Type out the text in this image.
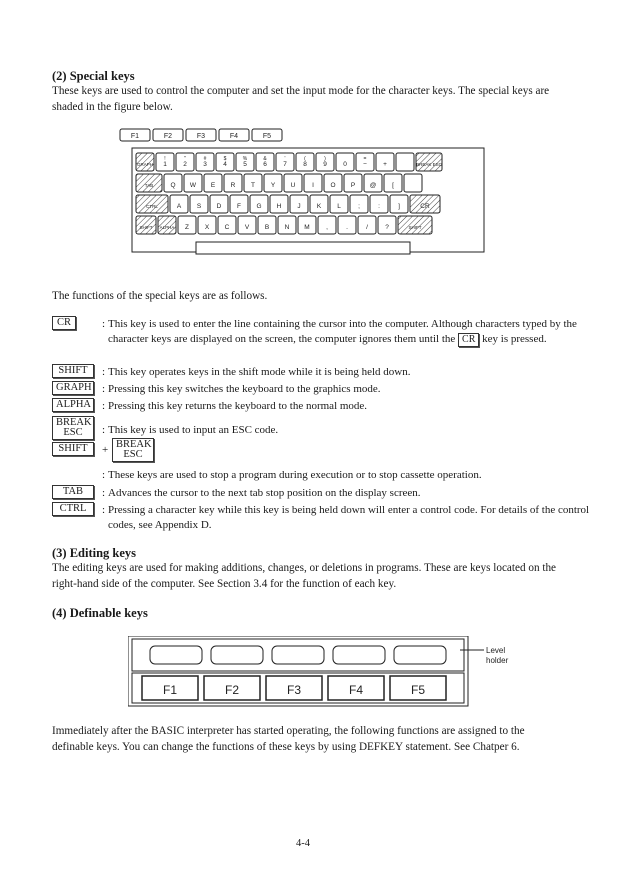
(2) Special keys
These keys are used to control the computer and set the input mode for the character keys. The special keys are shaded in the figure below.
F1	F2	F3	F4	F5
GRAPH 1
!
2
"
3
#
4
$
5
%
6
&
7
'
8
(
9
)
0	−
=
+	BREAK ESC
TAB	Q W E R T Y U	I	O P @ [
CTRL	A S D F G H J K L	;	:	]	CR
SHIFT ALPHA Z X C V B N M	,	.	/	?	SHIFT
The functions of the special keys are as follows.
CR	: This key is used to enter the line containing the cursor into the computer. Although characters typed by the character keys are displayed on the screen, the computer ignores them until the CR key is pressed.
SHIFT	: This key operates keys in the shift mode while it is being held down.
GRAPH : Pressing this key switches the keyboard to the graphics mode.
ALPHA : Pressing this key returns the keyboard to the normal mode.
BREAK
ESC	: This key is used to input an ESC code.
SHIFT	+ BREAK
ESC
: These keys are used to stop a program during execution or to stop cassette operation.
TAB	: Advances the cursor to the next tab stop position on the display screen.
CTRL	: Pressing a character key while this key is being held down will enter a control code. For details of the control codes, see Appendix D.
(3) Editing keys
The editing keys are used for making additions, changes, or deletions in programs. These are keys located on the right-hand side of the computer. See Section 3.4 for the function of each key.
(4) Definable keys
F1	F2	F3	F4	F5
Level
holder
Immediately after the BASIC interpreter has started operating, the following functions are assigned to the definable keys. You can change the functions of these keys by using DEFKEY statement. See Chatper 6.
4-4
